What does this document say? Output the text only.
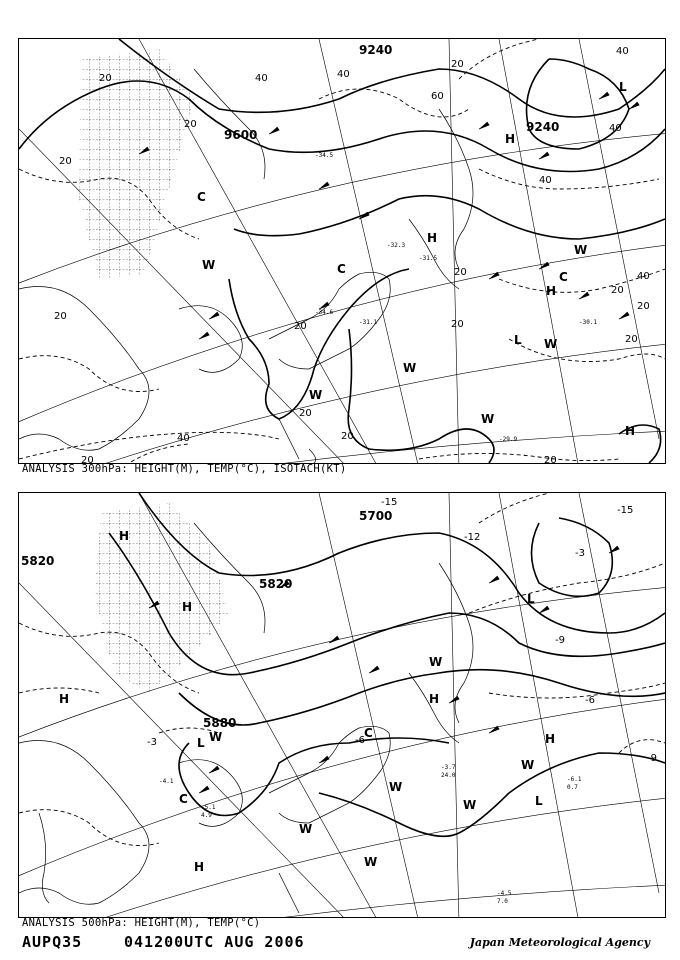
9240
9600
9240
20
20
40
20
40
60
20
40
40
40
40
20
20
20
20
20
20
40	20
20
20
20
20
C
C
H
H
C
H
L
L
W
W
W
W
W
W
H
-34.5
-34.6
-32.3
-31.1	-30.1
-29.9
-31.5
ANALYSIS 300hPa: HEIGHT(M), TEMP(°C), ISOTACH(KT)
5820
5700
5820
5880
-15
-15
-12
-9
-3
-3
-6
-9
-6
H
H
H	H
L
C
C
L
W
W
W
W
W
W
W
H
L
H
-5.1
4.9
-4.1
-4.5
7.0
-3.7
24.0
-6.1
0.7
ANALYSIS 500hPa: HEIGHT(M), TEMP(°C)
AUPQ35	041200UTC AUG 2006	Japan Meteorological Agency
